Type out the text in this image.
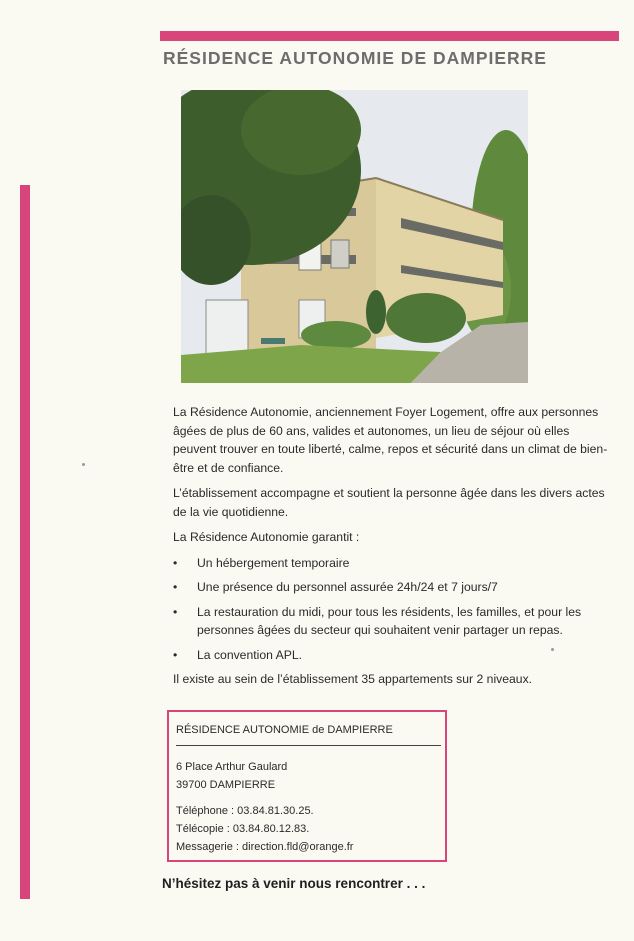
RÉSIDENCE AUTONOMIE DE DAMPIERRE

La Résidence Autonomie, anciennement Foyer Logement, offre aux personnes âgées de plus de 60 ans, valides et autonomes, un lieu de séjour où elles peuvent trouver en toute liberté, calme, repos et sécurité dans un climat de bien-être et de confiance.

L’établissement accompagne et soutient la personne âgée dans les divers actes de la vie quotidienne.

La Résidence Autonomie garantit :

• Un hébergement temporaire
• Une présence du personnel assurée 24h/24 et 7 jours/7
• La restauration du midi, pour tous les résidents, les familles, et pour les personnes âgées du secteur qui souhaitent venir partager un repas.
• La convention APL.

Il existe au sein de l’établissement 35 appartements sur 2 niveaux.

RÉSIDENCE AUTONOMIE de DAMPIERRE
6 Place Arthur Gaulard
39700 DAMPIERRE
Téléphone : 03.84.81.30.25.
Télécopie : 03.84.80.12.83.
Messagerie : direction.fld@orange.fr
N’hésitez pas à venir nous rencontrer . . .
